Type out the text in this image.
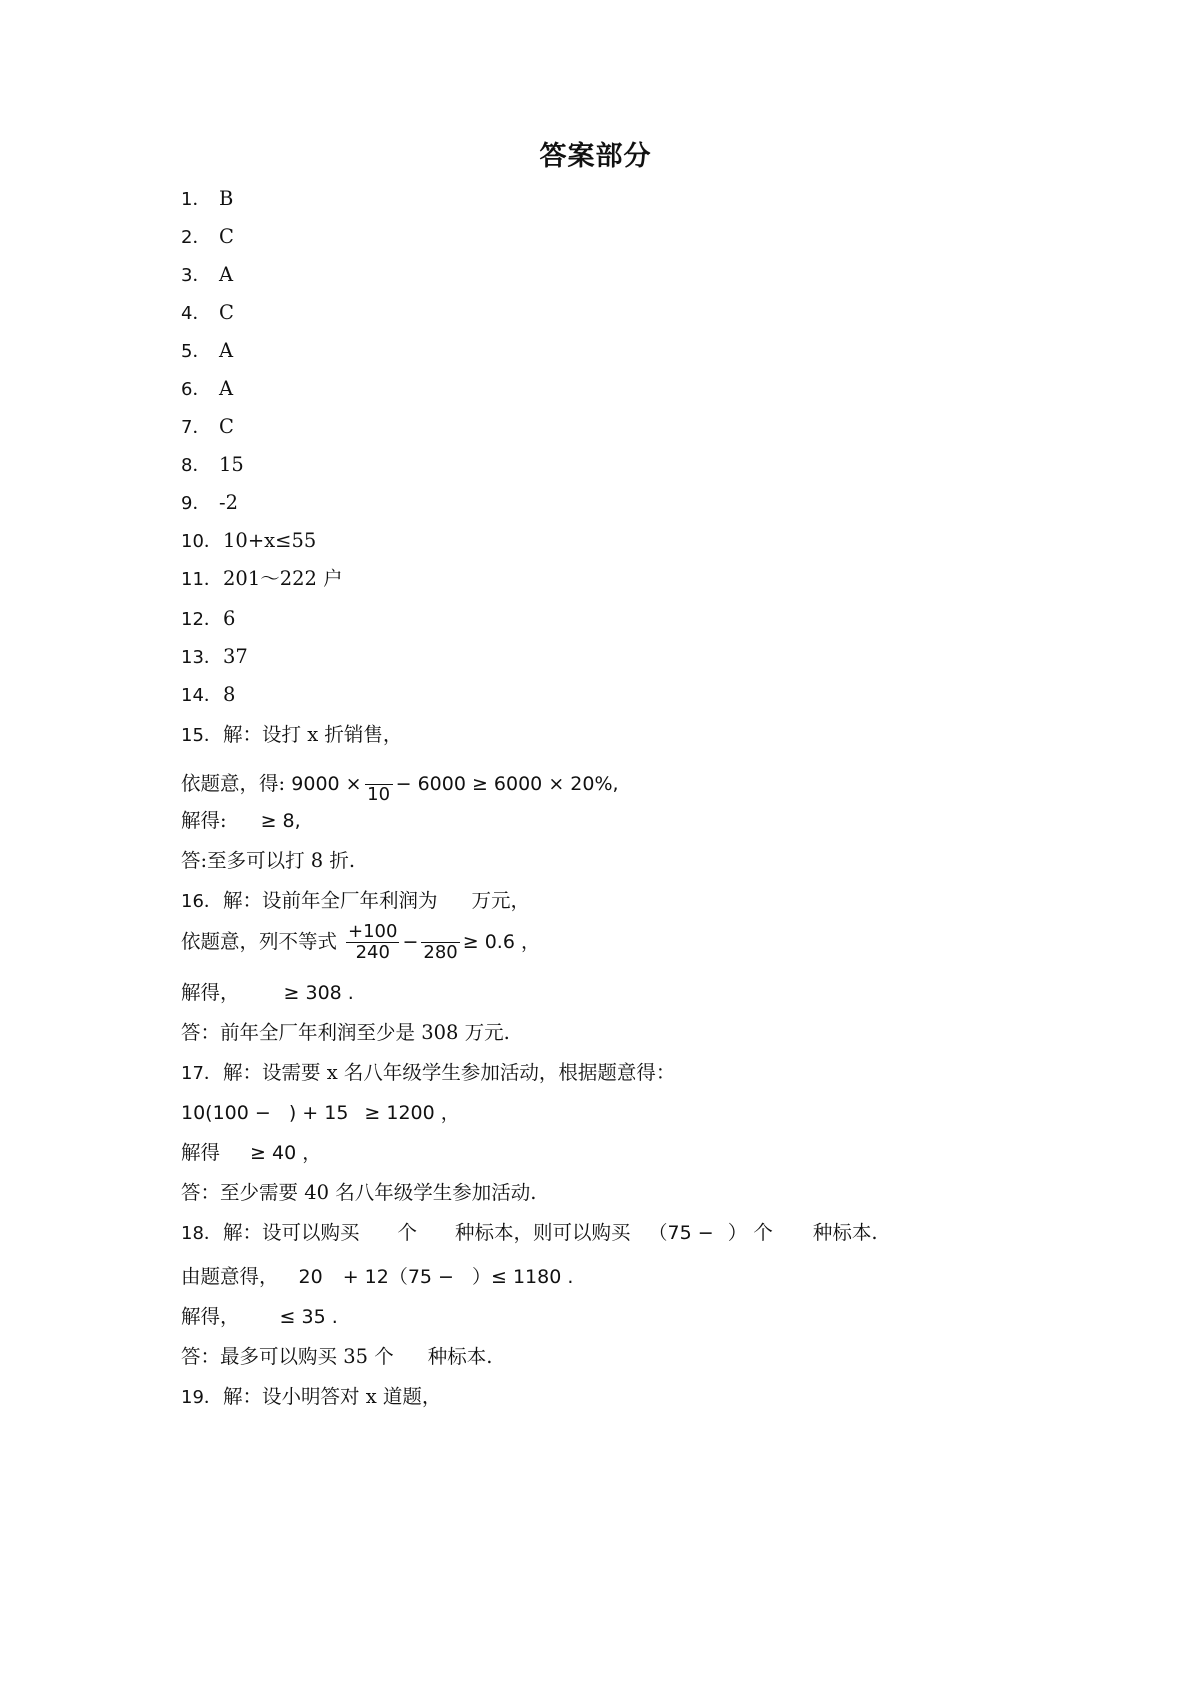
答案部分
1． B
2． C
3． A
4． C
5． A
6． A
7． C
8． 15
9． -2
10．10+x≤55
11．201～222 户
12．6
13．37
14．8
15．解：设打 x 折销售，
依题意，得: 9000 × 10 − 6000 ≥ 6000 × 20%,
解得: ≥ 8,
答:至多可以打 8 折.
16．解：设前年全厂年利润为 万元，
依题意，列不等式 $\frac{+100}{240} - 280 \ge 0.6$ ，
解得， ≥ 308 .
答：前年全厂年利润至少是 308 万元.
17．解：设需要 x 名八年级学生参加活动，根据题意得：
10(100 − ) + 15 ≥ 1200 ，
解得 ≥ 40 ，
答：至少需要 40 名八年级学生参加活动.
18．解：设可以购买 个 种标本，则可以购买 （75 − ） 个 种标本.
由题意得， 20 + 12（75 − ）≤ 1180 .
解得， ≤ 35 .
答：最多可以购买 35 个 种标本.
19．解：设小明答对 x 道题，
